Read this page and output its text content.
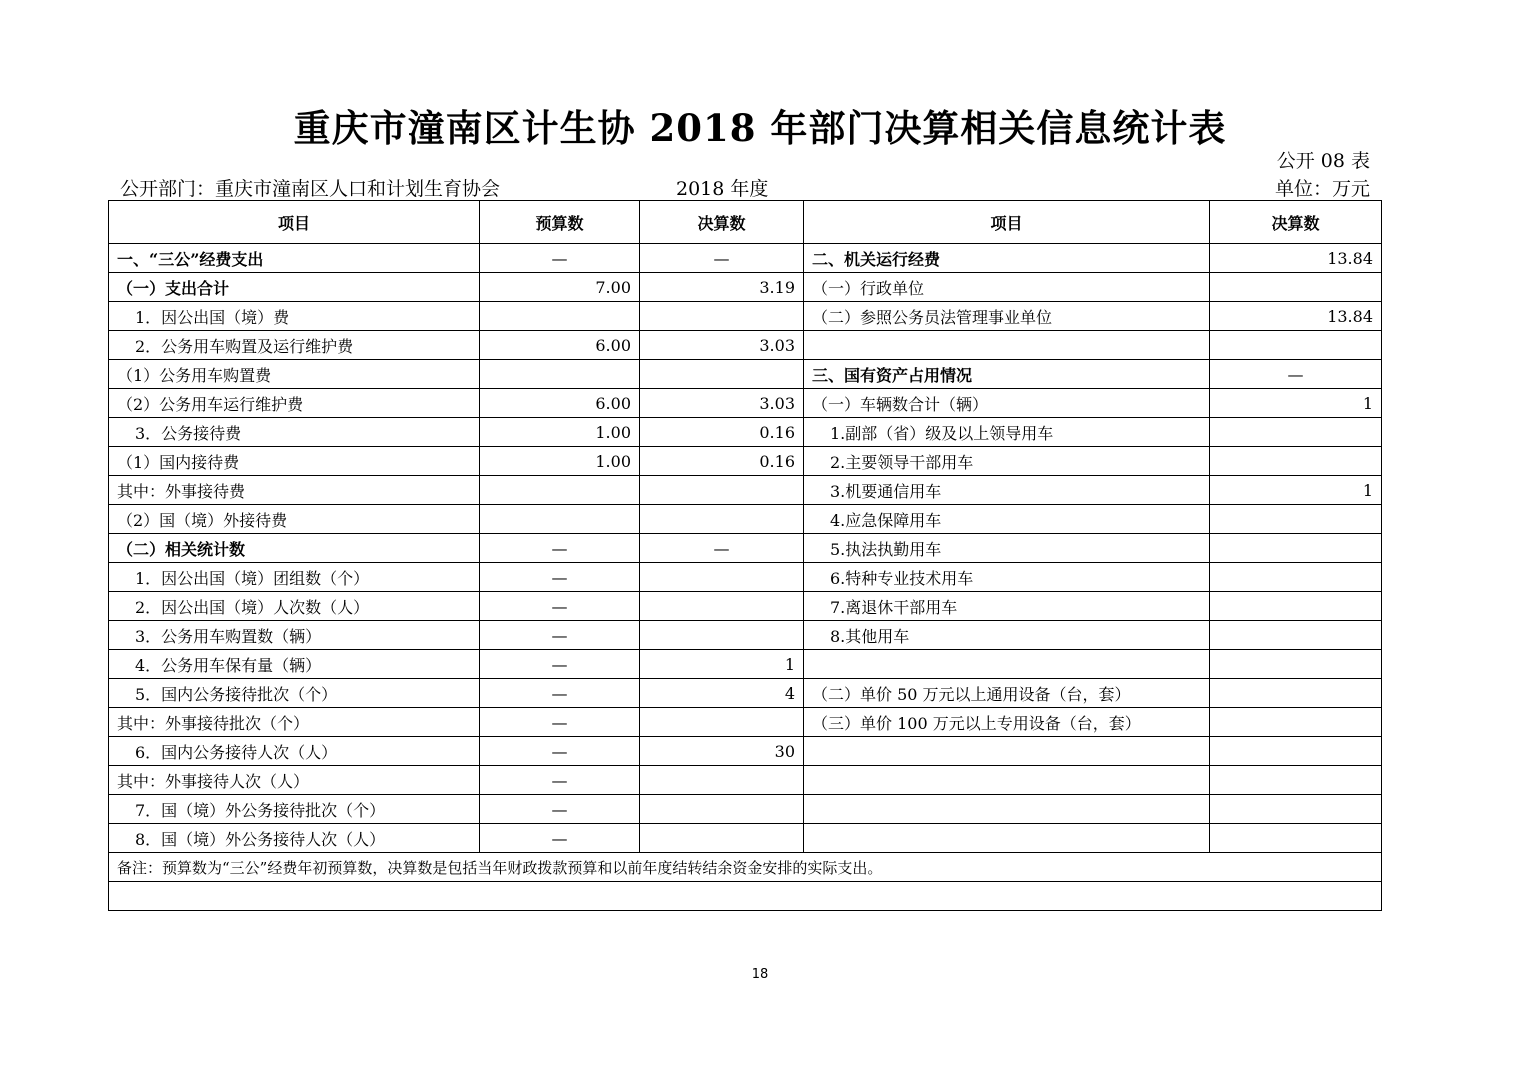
重庆市潼南区计生协 2018 年部门决算相关信息统计表
公开 08 表
公开部门：重庆市潼南区人口和计划生育协会	2018 年度	单位：万元
项目	预算数	决算数	项目	决算数
一、“三公”经费支出	—	—	二、机关运行经费	13.84
（一）支出合计	7.00	3.19	（一）行政单位	
1．因公出国（境）费			（二）参照公务员法管理事业单位	13.84
2．公务用车购置及运行维护费	6.00	3.03		
（1）公务用车购置费			三、国有资产占用情况	—
（2）公务用车运行维护费	6.00	3.03	（一）车辆数合计（辆）	1
3．公务接待费	1.00	0.16	1.副部（省）级及以上领导用车	
（1）国内接待费	1.00	0.16	2.主要领导干部用车	
其中：外事接待费			3.机要通信用车	1
（2）国（境）外接待费			4.应急保障用车	
（二）相关统计数	—	—	5.执法执勤用车	
1．因公出国（境）团组数（个）	—		6.特种专业技术用车	
2．因公出国（境）人次数（人）	—		7.离退休干部用车	
3．公务用车购置数（辆）	—		8.其他用车	
4．公务用车保有量（辆）	—	1		
5．国内公务接待批次（个）	—	4	（二）单价 50 万元以上通用设备（台，套）	
其中：外事接待批次（个）	—		（三）单价 100 万元以上专用设备（台，套）	
6．国内公务接待人次（人）	—	30		
其中：外事接待人次（人）	—			
7．国（境）外公务接待批次（个）	—			
8．国（境）外公务接待人次（人）	—			
备注：预算数为“三公”经费年初预算数，决算数是包括当年财政拨款预算和以前年度结转结余资金安排的实际支出。				

18
